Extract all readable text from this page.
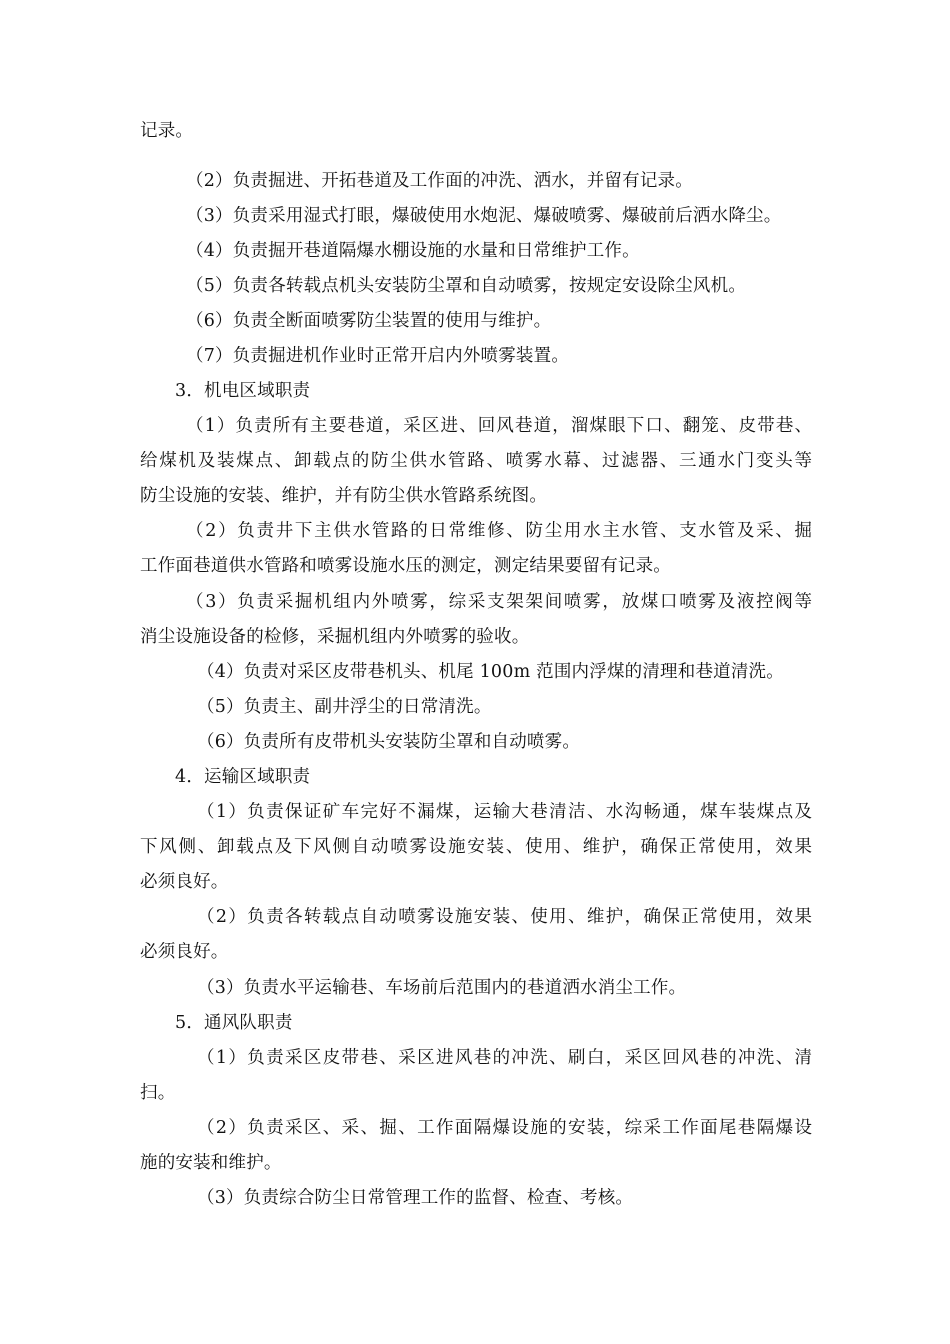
记录。
（2）负责掘进、开拓巷道及工作面的冲洗、洒水，并留有记录。
（3）负责采用湿式打眼，爆破使用水炮泥、爆破喷雾、爆破前后洒水降尘。
（4）负责掘开巷道隔爆水棚设施的水量和日常维护工作。
（5）负责各转载点机头安装防尘罩和自动喷雾，按规定安设除尘风机。
（6）负责全断面喷雾防尘装置的使用与维护。
（7）负责掘进机作业时正常开启内外喷雾装置。
3．机电区域职责
（1）负责所有主要巷道，采区进、回风巷道，溜煤眼下口、翻笼、皮带巷、
给煤机及装煤点、卸载点的防尘供水管路、喷雾水幕、过滤器、三通水门变头等
防尘设施的安装、维护，并有防尘供水管路系统图。
（2）负责井下主供水管路的日常维修、防尘用水主水管、支水管及采、掘
工作面巷道供水管路和喷雾设施水压的测定，测定结果要留有记录。
（3）负责采掘机组内外喷雾，综采支架架间喷雾，放煤口喷雾及液控阀等
消尘设施设备的检修，采掘机组内外喷雾的验收。
（4）负责对采区皮带巷机头、机尾 100m 范围内浮煤的清理和巷道清洗。
（5）负责主、副井浮尘的日常清洗。
（6）负责所有皮带机头安装防尘罩和自动喷雾。
4．运输区域职责
（1）负责保证矿车完好不漏煤，运输大巷清洁、水沟畅通，煤车装煤点及
下风侧、卸载点及下风侧自动喷雾设施安装、使用、维护，确保正常使用，效果
必须良好。
（2）负责各转载点自动喷雾设施安装、使用、维护，确保正常使用，效果
必须良好。
（3）负责水平运输巷、车场前后范围内的巷道洒水消尘工作。
5．通风队职责
（1）负责采区皮带巷、采区进风巷的冲洗、刷白，采区回风巷的冲洗、清
扫。
（2）负责采区、采、掘、工作面隔爆设施的安装，综采工作面尾巷隔爆设
施的安装和维护。
（3）负责综合防尘日常管理工作的监督、检查、考核。
